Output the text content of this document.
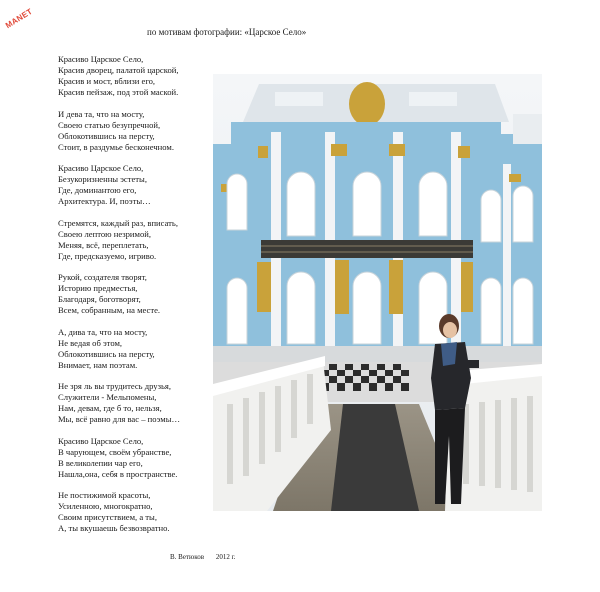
MANET
по мотивам фотографии: «Царское Село»
Красиво Царское Село,
Красив дворец, палатой царской,
Красив и мост, вблизи его,
Красив пейзаж, под этой маской.
И дева та, что на мосту,
Своею статью безупречной,
Облокотившись на персту,
Стоит, в раздумье бесконечном.
Красиво Царское Село,
Безукоризненны эстеты,
Где, доминантою его,
Архитектура. И, поэты…
Стремятся, каждый раз, вписать,
Своею лептою незримой,
Меняя, всё, переплетать,
Где, предсказуемо, игриво.
Рукой, создателя творят,
Историю предместья,
Благодаря, боготворят,
Всем, собранным, на месте.
А, дива та, что на мосту,
Не ведая об этом,
Облокотившись на персту,
Внимает, нам поэтам.
Не зря ль вы трудитесь друзья,
Служители - Мельпомены,
Нам, девам, где б то, нельзя,
Мы, всё равно для вас – поэмы…
Красиво Царское Село,
В чарующем, своём убранстве,
В великолепии чар его,
Нашла,она, себя в пространстве.
Не постижимой красоты,
Усиленною, многократно,
Своим присутствием, а ты,
А, ты вкушаешь безвозвратно.
В. Ветюков 2012 г.
